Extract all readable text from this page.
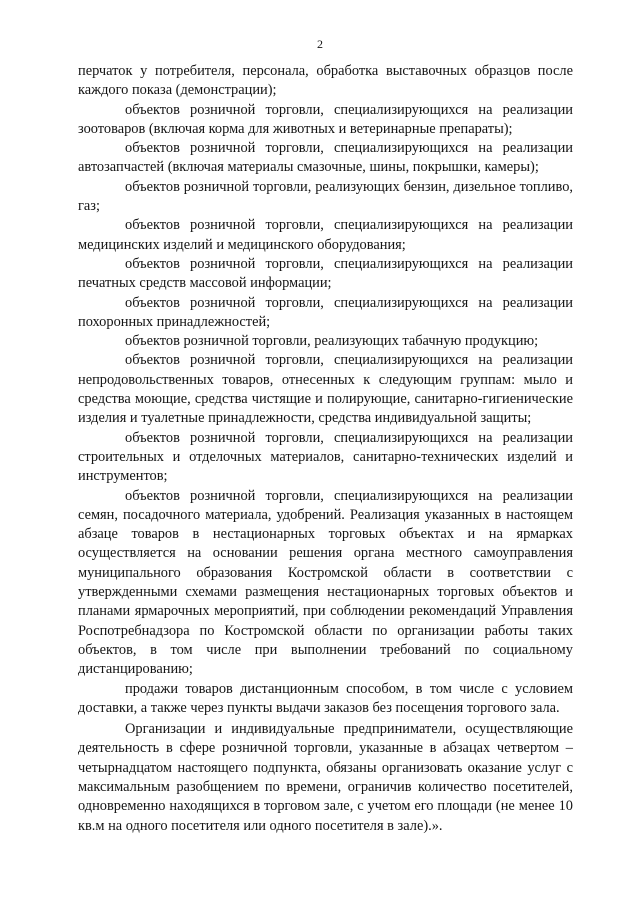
2

перчаток у потребителя, персонала, обработка выставочных образцов после каждого показа (демонстрации);

объектов розничной торговли, специализирующихся на реализации зоотоваров (включая корма для животных и ветеринарные препараты);

объектов розничной торговли, специализирующихся на реализации автозапчастей (включая материалы смазочные, шины, покрышки, камеры);

объектов розничной торговли, реализующих бензин, дизельное топливо, газ;

объектов розничной торговли, специализирующихся на реализации медицинских изделий и медицинского оборудования;

объектов розничной торговли, специализирующихся на реализации печатных средств массовой информации;

объектов розничной торговли, специализирующихся на реализации похоронных принадлежностей;

объектов розничной торговли, реализующих табачную продукцию;

объектов розничной торговли, специализирующихся на реализации непродовольственных товаров, отнесенных к следующим группам: мыло и средства моющие, средства чистящие и полирующие, санитарно-гигиенические изделия и туалетные принадлежности, средства индивидуальной защиты;

объектов розничной торговли, специализирующихся на реализации строительных и отделочных материалов, санитарно-технических изделий и инструментов;

объектов розничной торговли, специализирующихся на реализации семян, посадочного материала, удобрений. Реализация указанных в настоящем абзаце товаров в нестационарных торговых объектах и на ярмарках осуществляется на основании решения органа местного самоуправления муниципального образования Костромской области в соответствии с утвержденными схемами размещения нестационарных торговых объектов и планами ярмарочных мероприятий, при соблюдении рекомендаций Управления Роспотребнадзора по Костромской области по организации работы таких объектов, в том числе при выполнении требований по социальному дистанцированию;

продажи товаров дистанционным способом, в том числе с условием доставки, а также через пункты выдачи заказов без посещения торгового зала.

Организации и индивидуальные предприниматели, осуществляющие деятельность в сфере розничной торговли, указанные в абзацах четвертом – четырнадцатом настоящего подпункта, обязаны организовать оказание услуг с максимальным разобщением по времени, ограничив количество посетителей, одновременно находящихся в торговом зале, с учетом его площади (не менее 10 кв.м на одного посетителя или одного посетителя в зале).».
